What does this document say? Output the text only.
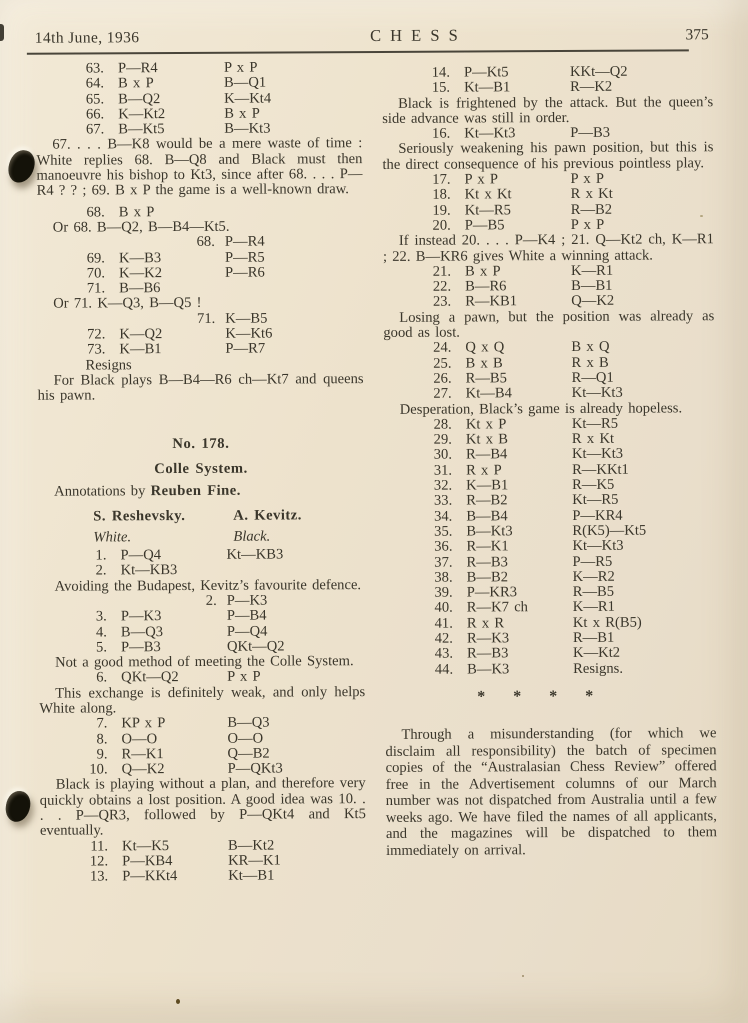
14th June, 1936	CHESS	375
63. P—R4	P x P
64. B x P	B—Q1
65. B—Q2	K—Kt4
66. K—Kt2	B x P
67. B—Kt5	B—Kt3
67. . . . B—K8 would be a mere waste of time : White replies 68. B—Q8 and Black must then manoeuvre his bishop to Kt3, since after 68. . . . P—R4 ? ? ; 69. B x P the game is a well-known draw.
68. B x P
Or 68. B—Q2, B—B4—Kt5.
68. P—R4
69. K—B3	P—R5
70. K—K2	P—R6
71. B—B6
Or 71. K—Q3, B—Q5 !
71. K—B5
72. K—Q2	K—Kt6
73. K—B1	P—R7
Resigns
For Black plays B—B4—R6 ch—Kt7 and queens his pawn.
No. 178.
Colle System.
Annotations by Reuben Fine.
S. Reshevsky.	A. Kevitz.
White.	Black.
1. P—Q4	Kt—KB3
2. Kt—KB3
Avoiding the Budapest, Kevitz’s favourite defence.
2. P—K3
3. P—K3	P—B4
4. B—Q3	P—Q4
5. P—B3	QKt—Q2
Not a good method of meeting the Colle System.
6. QKt—Q2	P x P
This exchange is definitely weak, and only helps White along.
7. KP x P	B—Q3
8. O—O	O—O
9. R—K1	Q—B2
10. Q—K2	P—QKt3
Black is playing without a plan, and therefore very quickly obtains a lost position. A good idea was 10. . . . P—QR3, followed by P—QKt4 and Kt5 eventually.
11. Kt—K5	B—Kt2
12. P—KB4	KR—K1
13. P—KKt4	Kt—B1
14. P—Kt5	KKt—Q2
15. Kt—B1	R—K2
Black is frightened by the attack. But the queen’s side advance was still in order.
16. Kt—Kt3	P—B3
Seriously weakening his pawn position, but this is the direct consequence of his previous pointless play.
17. P x P	P x P
18. Kt x Kt	R x Kt
19. Kt—R5	R—B2
20. P—B5	P x P
If instead 20. . . . P—K4 ; 21. Q—Kt2 ch, K—R1 ; 22. B—KR6 gives White a winning attack.
21. B x P	K—R1
22. B—R6	B—B1
23. R—KB1	Q—K2
Losing a pawn, but the position was already as good as lost.
24. Q x Q	B x Q
25. B x B	R x B
26. R—B5	R—Q1
27. Kt—B4	Kt—Kt3
Desperation, Black’s game is already hopeless.
28. Kt x P	Kt—R5
29. Kt x B	R x Kt
30. R—B4	Kt—Kt3
31. R x P	R—KKt1
32. K—B1	R—K5
33. R—B2	Kt—R5
34. B—B4	P—KR4
35. B—Kt3	R(K5)—Kt5
36. R—K1	Kt—Kt3
37. R—B3	P—R5
38. B—B2	K—R2
39. P—KR3	R—B5
40. R—K7 ch	K—R1
41. R x R	Kt x R(B5)
42. R—K3	R—B1
43. R—B3	K—Kt2
44. B—K3	Resigns.
* * * *
Through a misunderstanding (for which we disclaim all responsibility) the batch of specimen copies of the “Australasian Chess Review” offered free in the Advertisement columns of our March number was not dispatched from Australia until a few weeks ago. We have filed the names of all applicants, and the magazines will be dispatched to them immediately on arrival.
